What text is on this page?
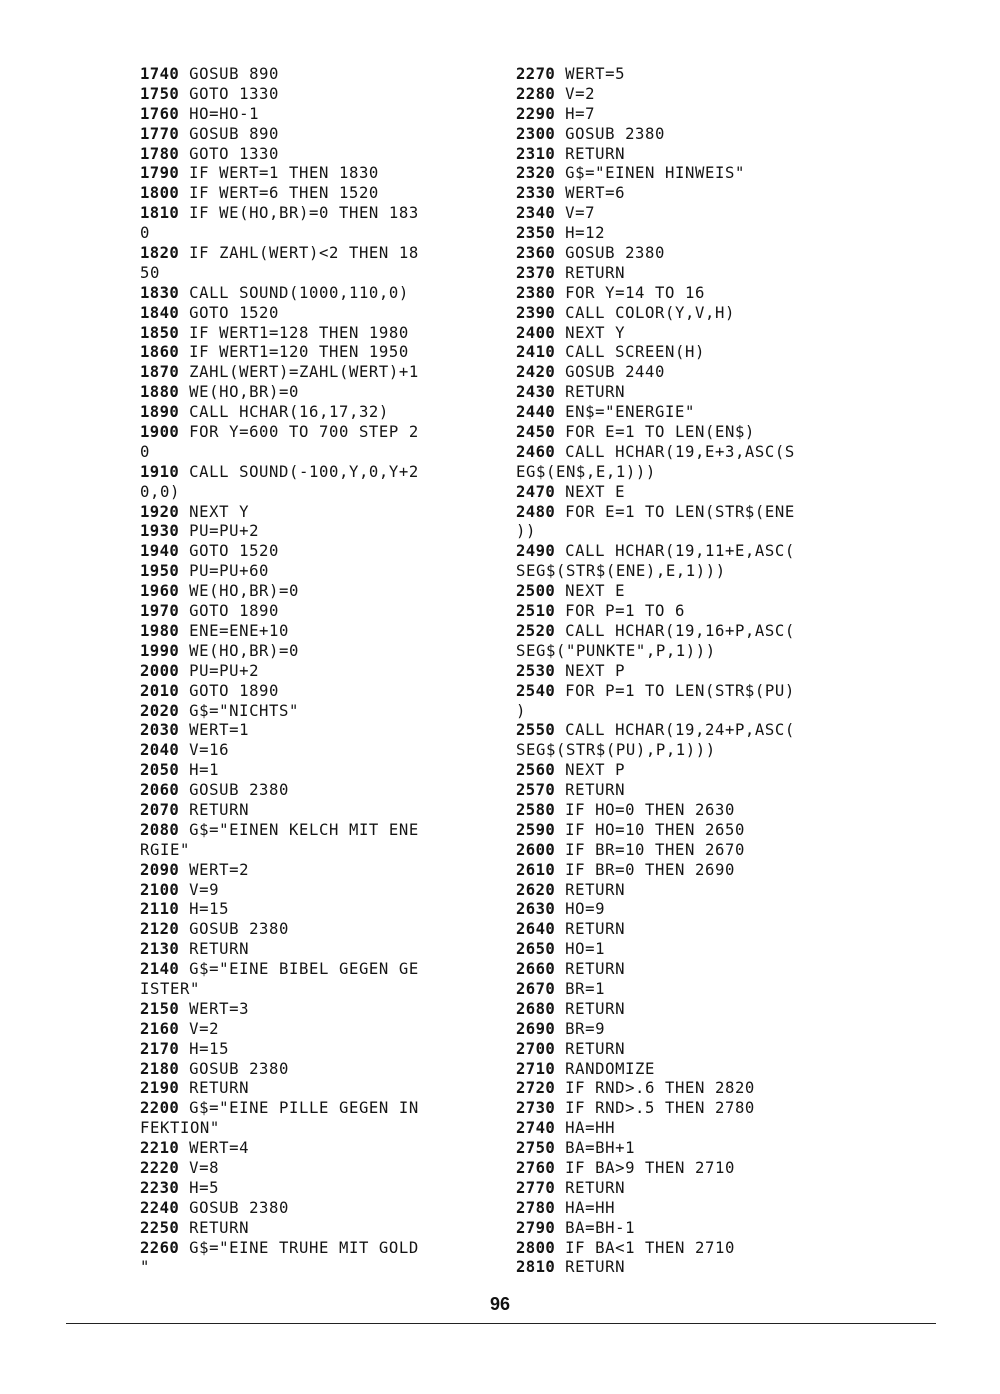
1740 GOSUB 890
1750 GOTO 1330
1760 HO=HO-1
1770 GOSUB 890
1780 GOTO 1330
1790 IF WERT=1 THEN 1830
1800 IF WERT=6 THEN 1520
1810 IF WE(HO,BR)=0 THEN 183
0
1820 IF ZAHL(WERT)<2 THEN 18
50
1830 CALL SOUND(1000,110,0)
1840 GOTO 1520
1850 IF WERT1=128 THEN 1980
1860 IF WERT1=120 THEN 1950
1870 ZAHL(WERT)=ZAHL(WERT)+1
1880 WE(HO,BR)=0
1890 CALL HCHAR(16,17,32)
1900 FOR Y=600 TO 700 STEP 2
0
1910 CALL SOUND(-100,Y,0,Y+2
0,0)
1920 NEXT Y
1930 PU=PU+2
1940 GOTO 1520
1950 PU=PU+60
1960 WE(HO,BR)=0
1970 GOTO 1890
1980 ENE=ENE+10
1990 WE(HO,BR)=0
2000 PU=PU+2
2010 GOTO 1890
2020 G$="NICHTS"
2030 WERT=1
2040 V=16
2050 H=1
2060 GOSUB 2380
2070 RETURN
2080 G$="EINEN KELCH MIT ENE
RGIE"
2090 WERT=2
2100 V=9
2110 H=15
2120 GOSUB 2380
2130 RETURN
2140 G$="EINE BIBEL GEGEN GE
ISTER"
2150 WERT=3
2160 V=2
2170 H=15
2180 GOSUB 2380
2190 RETURN
2200 G$="EINE PILLE GEGEN IN
FEKTION"
2210 WERT=4
2220 V=8
2230 H=5
2240 GOSUB 2380
2250 RETURN
2260 G$="EINE TRUHE MIT GOLD
"
2270 WERT=5
2280 V=2
2290 H=7
2300 GOSUB 2380
2310 RETURN
2320 G$="EINEN HINWEIS"
2330 WERT=6
2340 V=7
2350 H=12
2360 GOSUB 2380
2370 RETURN
2380 FOR Y=14 TO 16
2390 CALL COLOR(Y,V,H)
2400 NEXT Y
2410 CALL SCREEN(H)
2420 GOSUB 2440
2430 RETURN
2440 EN$="ENERGIE"
2450 FOR E=1 TO LEN(EN$)
2460 CALL HCHAR(19,E+3,ASC(S
EG$(EN$,E,1)))
2470 NEXT E
2480 FOR E=1 TO LEN(STR$(ENE
))
2490 CALL HCHAR(19,11+E,ASC(
SEG$(STR$(ENE),E,1)))
2500 NEXT E
2510 FOR P=1 TO 6
2520 CALL HCHAR(19,16+P,ASC(
SEG$("PUNKTE",P,1)))
2530 NEXT P
2540 FOR P=1 TO LEN(STR$(PU)
)
2550 CALL HCHAR(19,24+P,ASC(
SEG$(STR$(PU),P,1)))
2560 NEXT P
2570 RETURN
2580 IF HO=0 THEN 2630
2590 IF HO=10 THEN 2650
2600 IF BR=10 THEN 2670
2610 IF BR=0 THEN 2690
2620 RETURN
2630 HO=9
2640 RETURN
2650 HO=1
2660 RETURN
2670 BR=1
2680 RETURN
2690 BR=9
2700 RETURN
2710 RANDOMIZE
2720 IF RND>.6 THEN 2820
2730 IF RND>.5 THEN 2780
2740 HA=HH
2750 BA=BH+1
2760 IF BA>9 THEN 2710
2770 RETURN
2780 HA=HH
2790 BA=BH-1
2800 IF BA<1 THEN 2710
2810 RETURN
96
